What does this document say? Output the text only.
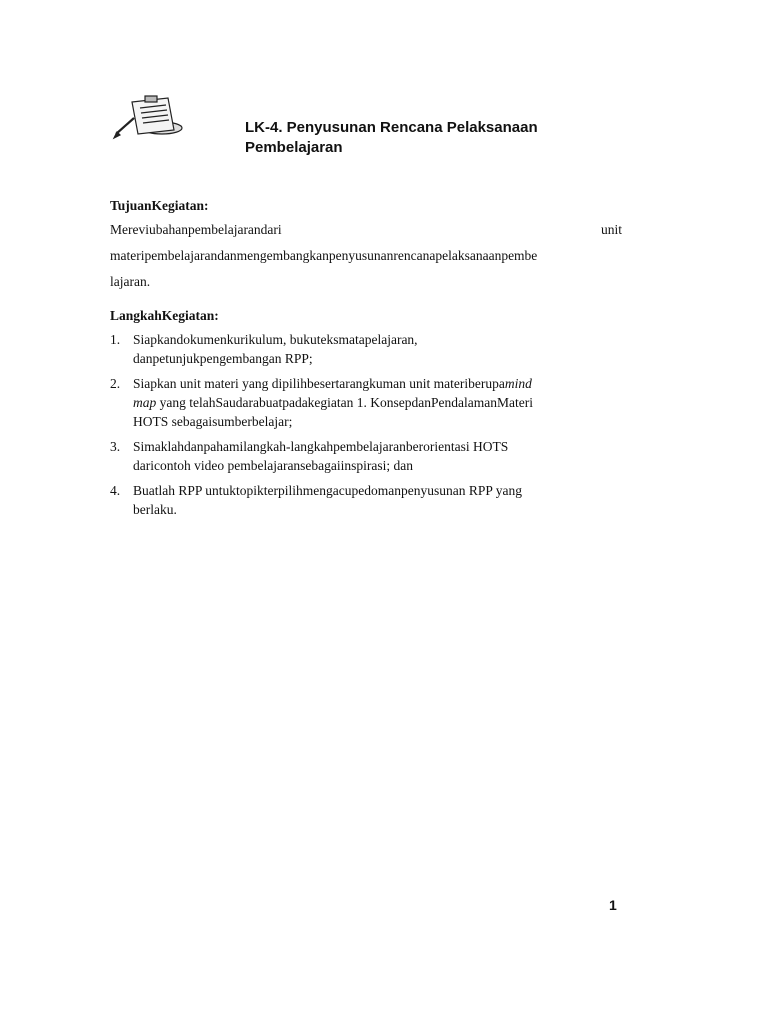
LK-4. Penyusunan Rencana Pelaksanaan
Pembelajaran
TujuanKegiatan:
Mereviubahanpembelajarandari	unit
materipembelajarandanmengembangkanpenyusunanrencanapelaksanaanpembe
lajaran.
LangkahKegiatan:
1. Siapkandokumenkurikulum, bukuteksmatapelajaran,
danpetunjukpengembangan RPP;
2. Siapkan unit materi yang dipilihbesertarangkuman unit materiberupamind
map yang telahSaudarabuatpadakegiatan 1. KonsepdanPendalamanMateri
HOTS sebagaisumberbelajar;
3. Simaklahdanpahamilangkah-langkahpembelajaranberorientasi HOTS
daricontoh video pembelajaransebagaiinspirasi; dan
4. Buatlah RPP untuktopikterpilihmengacupedomanpenyusunan RPP yang
berlaku.
1
